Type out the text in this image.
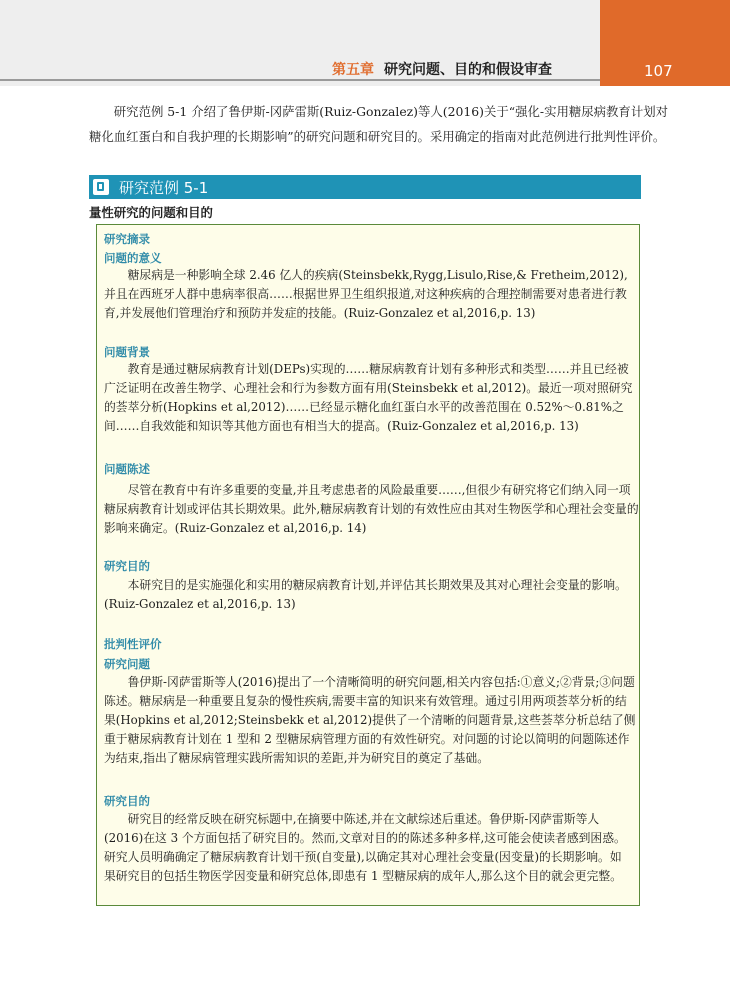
第五章 研究问题、目的和假设审查	107

研究范例 5-1 介绍了鲁伊斯-冈萨雷斯(Ruiz-Gonzalez)等人(2016)关于“强化-实用糖尿病教育计划对糖化血红蛋白和自我护理的长期影响”的研究问题和研究目的。采用确定的指南对此范例进行批判性评价。

研究范例 5-1
量性研究的问题和目的
研究摘录
问题的意义

糖尿病是一种影响全球 2.46 亿人的疾病(Steinsbekk,Rygg,Lisulo,Rise,& Fretheim,2012),并且在西班牙人群中患病率很高……根据世界卫生组织报道,对这种疾病的合理控制需要对患者进行教育,并发展他们管理治疗和预防并发症的技能。(Ruiz-Gonzalez et al,2016,p. 13)

问题背景

教育是通过糖尿病教育计划(DEPs)实现的……糖尿病教育计划有多种形式和类型……并且已经被广泛证明在改善生物学、心理社会和行为参数方面有用(Steinsbekk et al,2012)。最近一项对照研究的荟萃分析(Hopkins et al,2012)……已经显示糖化血红蛋白水平的改善范围在 0.52%～0.81%之间……自我效能和知识等其他方面也有相当大的提高。(Ruiz-Gonzalez et al,2016,p. 13)

问题陈述

尽管在教育中有许多重要的变量,并且考虑患者的风险最重要……,但很少有研究将它们纳入同一项糖尿病教育计划或评估其长期效果。此外,糖尿病教育计划的有效性应由其对生物医学和心理社会变量的影响来确定。(Ruiz-Gonzalez et al,2016,p. 14)

研究目的

本研究目的是实施强化和实用的糖尿病教育计划,并评估其长期效果及其对心理社会变量的影响。(Ruiz-Gonzalez et al,2016,p. 13)

批判性评价
研究问题

鲁伊斯-冈萨雷斯等人(2016)提出了一个清晰简明的研究问题,相关内容包括:①意义;②背景;③问题陈述。糖尿病是一种重要且复杂的慢性疾病,需要丰富的知识来有效管理。通过引用两项荟萃分析的结果(Hopkins et al,2012;Steinsbekk et al,2012)提供了一个清晰的问题背景,这些荟萃分析总结了侧重于糖尿病教育计划在 1 型和 2 型糖尿病管理方面的有效性研究。对问题的讨论以简明的问题陈述作为结束,指出了糖尿病管理实践所需知识的差距,并为研究目的奠定了基础。

研究目的

研究目的经常反映在研究标题中,在摘要中陈述,并在文献综述后重述。鲁伊斯-冈萨雷斯等人(2016)在这 3 个方面包括了研究目的。然而,文章对目的的陈述多种多样,这可能会使读者感到困惑。研究人员明确确定了糖尿病教育计划干预(自变量),以确定其对心理社会变量(因变量)的长期影响。如果研究目的包括生物医学因变量和研究总体,即患有 1 型糖尿病的成年人,那么这个目的就会更完整。
